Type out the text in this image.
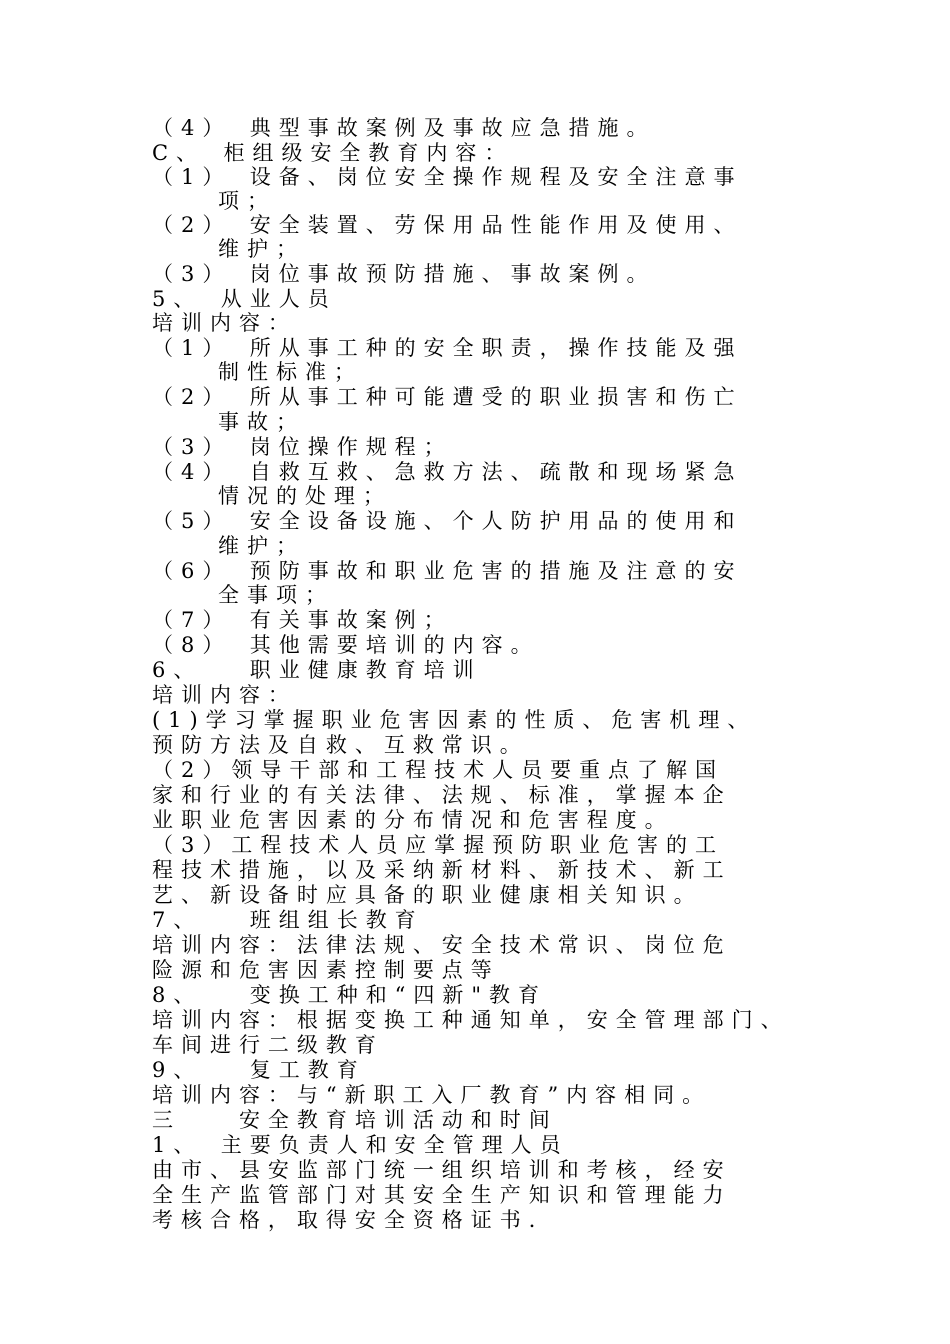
（4）　典型事故案例及事故应急措施。
C、　柜组级安全教育内容：
（1）　设备、岗位安全操作规程及安全注意事
项；
（2）　安全装置、劳保用品性能作用及使用、
维护；
（3）　岗位事故预防措施、事故案例。
5、　从业人员
培训内容：
（1）　所从事工种的安全职责，操作技能及强
制性标准；
（2）　所从事工种可能遭受的职业损害和伤亡
事故；
（3）　岗位操作规程；
（4）　自救互救、急救方法、疏散和现场紧急
情况的处理；
（5）　安全设备设施、个人防护用品的使用和
维护；
（6）　预防事故和职业危害的措施及注意的安
全事项；
（7）　有关事故案例；
（8）　其他需要培训的内容。
6、　　职业健康教育培训
培训内容：
(1)学习掌握职业危害因素的性质、危害机理、
预防方法及自救、互救常识。
（2）领导干部和工程技术人员要重点了解国
家和行业的有关法律、法规、标准，掌握本企
业职业危害因素的分布情况和危害程度。
（3）工程技术人员应掌握预防职业危害的工
程技术措施，以及采纳新材料、新技术、新工
艺、新设备时应具备的职业健康相关知识。
7、　　班组组长教育
培训内容：法律法规、安全技术常识、岗位危
险源和危害因素控制要点等
8、　　变换工种和“四新"教育
培训内容：根据变换工种通知单，安全管理部门、
车间进行二级教育
9、　　复工教育
培训内容：与“新职工入厂教育”内容相同。
三　　安全教育培训活动和时间
1、　主要负责人和安全管理人员
由市、县安监部门统一组织培训和考核，经安
全生产监管部门对其安全生产知识和管理能力
考核合格，取得安全资格证书．
